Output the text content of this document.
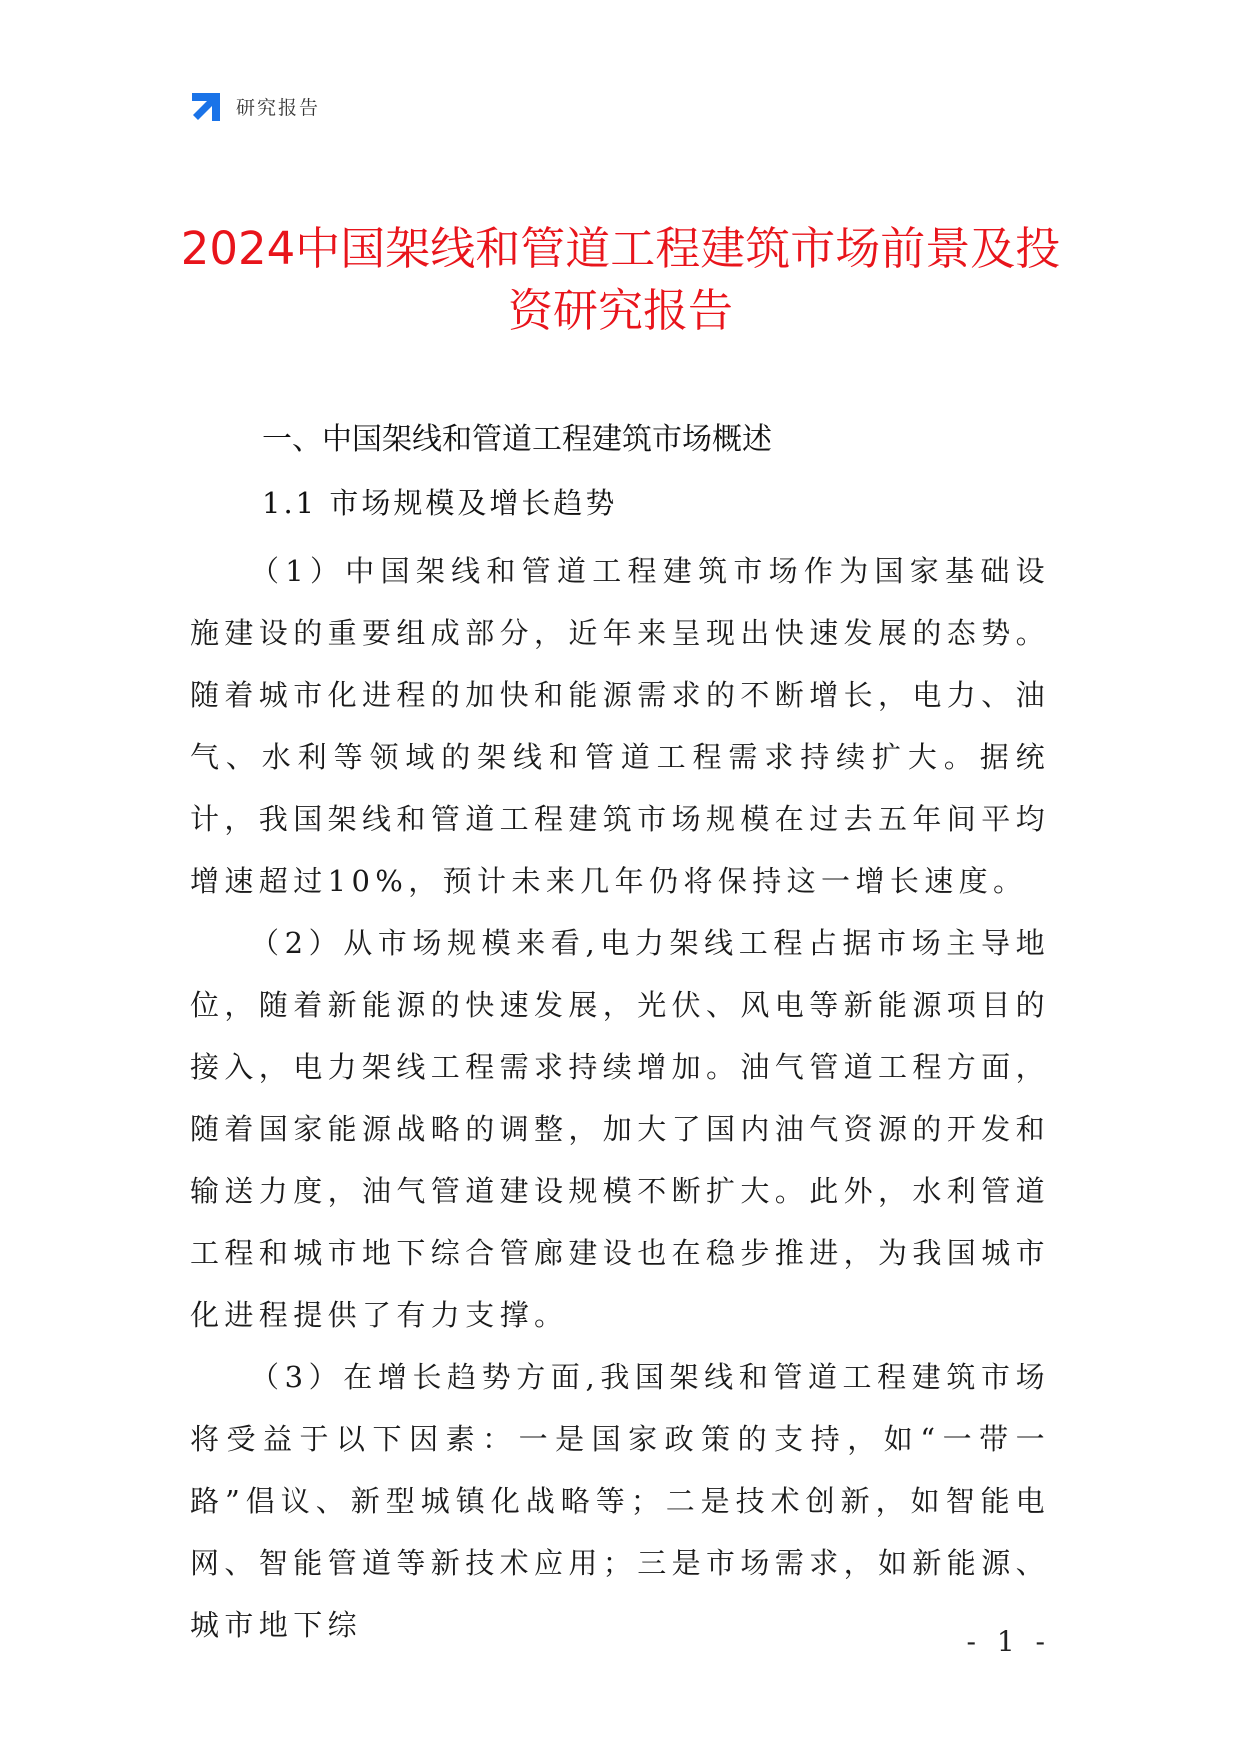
研究报告
2024中国架线和管道工程建筑市场前景及投资研究报告
一、中国架线和管道工程建筑市场概述
1.1 市场规模及增长趋势

（1）中国架线和管道工程建筑市场作为国家基础设施建设的重要组成部分，近年来呈现出快速发展的态势。随着城市化进程的加快和能源需求的不断增长，电力、油气、水利等领域的架线和管道工程需求持续扩大。据统计，我国架线和管道工程建筑市场规模在过去五年间平均增速超过10%，预计未来几年仍将保持这一增长速度。

（2）从市场规模来看,电力架线工程占据市场主导地位，随着新能源的快速发展，光伏、风电等新能源项目的接入，电力架线工程需求持续增加。油气管道工程方面，随着国家能源战略的调整，加大了国内油气资源的开发和输送力度，油气管道建设规模不断扩大。此外，水利管道工程和城市地下综合管廊建设也在稳步推进，为我国城市化进程提供了有力支撑。

（3）在增长趋势方面,我国架线和管道工程建筑市场将受益于以下因素：一是国家政策的支持，如“一带一路”倡议、新型城镇化战略等；二是技术创新，如智能电网、智能管道等新技术应用；三是市场需求，如新能源、城市地下综	- 1 -
